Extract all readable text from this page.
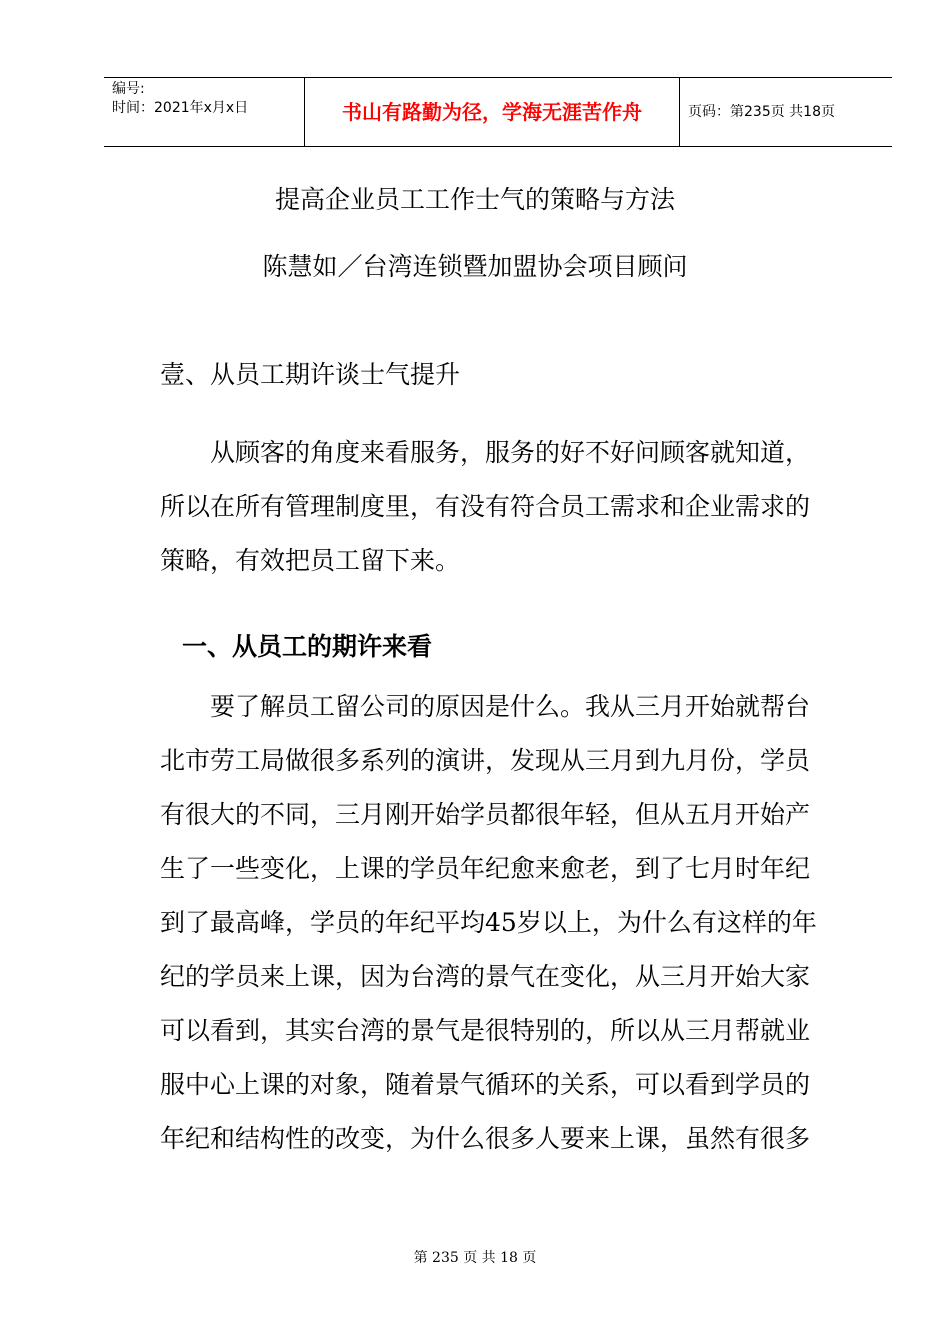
编号:
时间：2021年x月x日	书山有路勤为径，学海无涯苦作舟	页码：第235页 共18页
提高企业员工工作士气的策略与方法
陈慧如／台湾连锁暨加盟协会项目顾问
壹、从员工期许谈士气提升
从顾客的角度来看服务，服务的好不好问顾客就知道，
所以在所有管理制度里，有没有符合员工需求和企业需求的
策略，有效把员工留下来。
一、从员工的期许来看
要了解员工留公司的原因是什么。我从三月开始就帮台
北市劳工局做很多系列的演讲，发现从三月到九月份，学员
有很大的不同，三月刚开始学员都很年轻，但从五月开始产
生了一些变化，上课的学员年纪愈来愈老，到了七月时年纪
到了最高峰，学员的年纪平均45岁以上，为什么有这样的年
纪的学员来上课，因为台湾的景气在变化，从三月开始大家
可以看到，其实台湾的景气是很特别的，所以从三月帮就业
服中心上课的对象，随着景气循环的关系，可以看到学员的
年纪和结构性的改变，为什么很多人要来上课，虽然有很多
第 235 页 共 18 页
